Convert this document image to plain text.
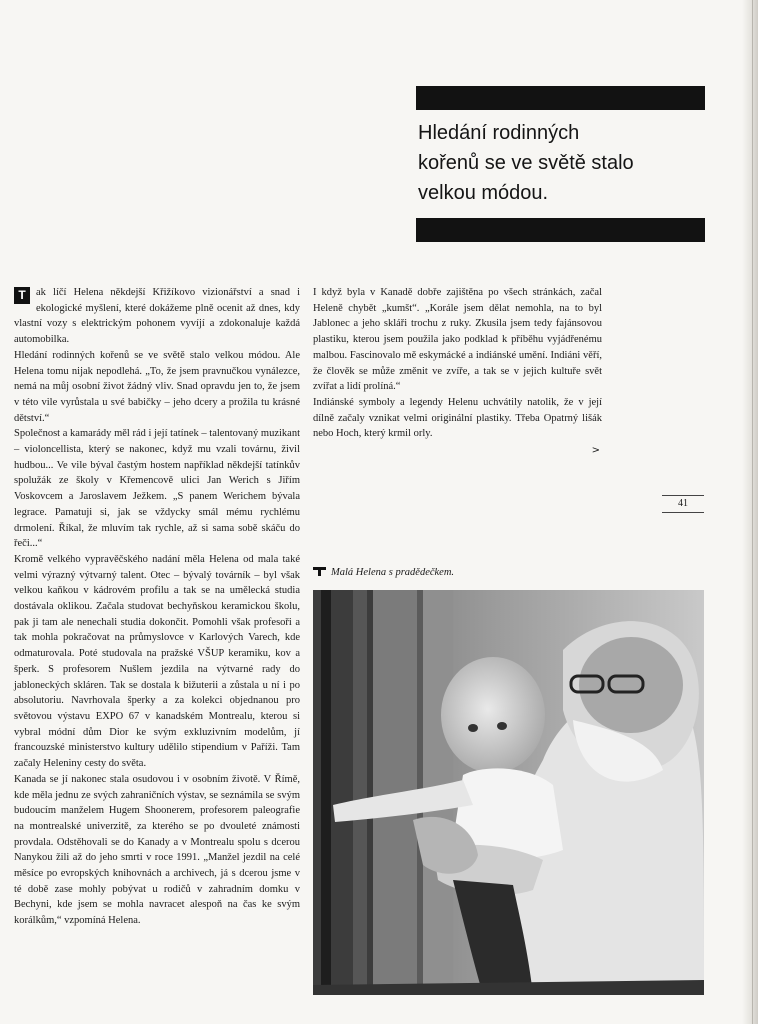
Hledání rodinných
kořenů se ve světě stalo
velkou módou.

T ak líčí Helena někdejší Křižíkovo vizionářství a snad i ekologické myšlení, které dokážeme plně ocenit až dnes, kdy vlastní vozy s elektrickým pohonem vyvíjí a zdokonaluje každá automobilka.

Hledání rodinných kořenů se ve světě stalo velkou módou. Ale Helena tomu nijak nepodlehá. „To, že jsem pravnučkou vynálezce, nemá na můj osobní život žádný vliv. Snad opravdu jen to, že jsem v této vile vyrůstala u své babičky – jeho dcery a prožila tu krásné dětství.“

Společnost a kamarády měl rád i její tatínek – talentovaný muzikant – violoncellista, který se nakonec, když mu vzali továrnu, živil hudbou... Ve vile býval častým hostem například někdejší tatínkův spolužák ze školy v Křemencově ulici Jan Werich s Jiřím Voskovcem a Jaroslavem Ježkem. „S panem Werichem bývala legrace. Pamatuji si, jak se vždycky smál mému rychlému drmolení. Říkal, že mluvím tak rychle, až si sama sobě skáču do řeči...“

Kromě velkého vypravěčského nadání měla Helena od mala také velmi výrazný výtvarný talent. Otec – bývalý továrník – byl však velkou kaňkou v kádrovém profilu a tak se na umělecká studia dostávala oklikou. Začala studovat bechyňskou keramickou školu, pak ji tam ale nenechali studia dokončit. Pomohli však profesoři a tak mohla pokračovat na průmyslovce v Karlových Varech, kde odmaturovala. Poté studovala na pražské VŠUP keramiku, kov a šperk. S profesorem Nušlem jezdila na výtvarné rady do jabloneckých skláren. Tak se dostala k bižuterii a zůstala u ní i po absolutoriu. Navrhovala šperky a za kolekci objednanou pro světovou výstavu EXPO 67 v kanadském Montrealu, kterou si vybral módní dům Dior ke svým exkluzivním modelům, jí francouzské ministerstvo kultury udělilo stipendium v Paříži. Tam začaly Heleniny cesty do světa.

Kanada se jí nakonec stala osudovou i v osobním životě. V Římě, kde měla jednu ze svých zahraničních výstav, se seznámila se svým budoucím manželem Hugem Shoonerem, profesorem paleografie na montrealské univerzitě, za kterého se po dvouleté známosti provdala. Odstěhovali se do Kanady a v Montrealu spolu s dcerou Nanykou žili až do jeho smrti v roce 1991. „Manžel jezdil na celé měsíce po evropských knihovnách a archivech, já s dcerou jsme v té době zase mohly pobývat u rodičů v zahradním domku v Bechyni, kde jsem se mohla navracet alespoň na čas ke svým korálkům,“ vzpomíná Helena.

I když byla v Kanadě dobře zajištěna po všech stránkách, začal Heleně chybět „kumšt“. „Korále jsem dělat nemohla, na to byl Jablonec a jeho skláři trochu z ruky. Zkusila jsem tedy fajánsovou plastiku, kterou jsem použila jako podklad k příběhu vyjádřenému malbou. Fascinovalo mě eskymácké a indiánské umění. Indiáni věří, že člověk se může změnit ve zvíře, a tak se v jejich kultuře svět zvířat a lidí prolíná.“

Indiánské symboly a legendy Helenu uchvátily natolik, že v její dílně začaly vznikat velmi originální plastiky. Třeba Opatrný lišák nebo Hoch, který krmil orly.

>
41
Malá Helena s pradědečkem.
